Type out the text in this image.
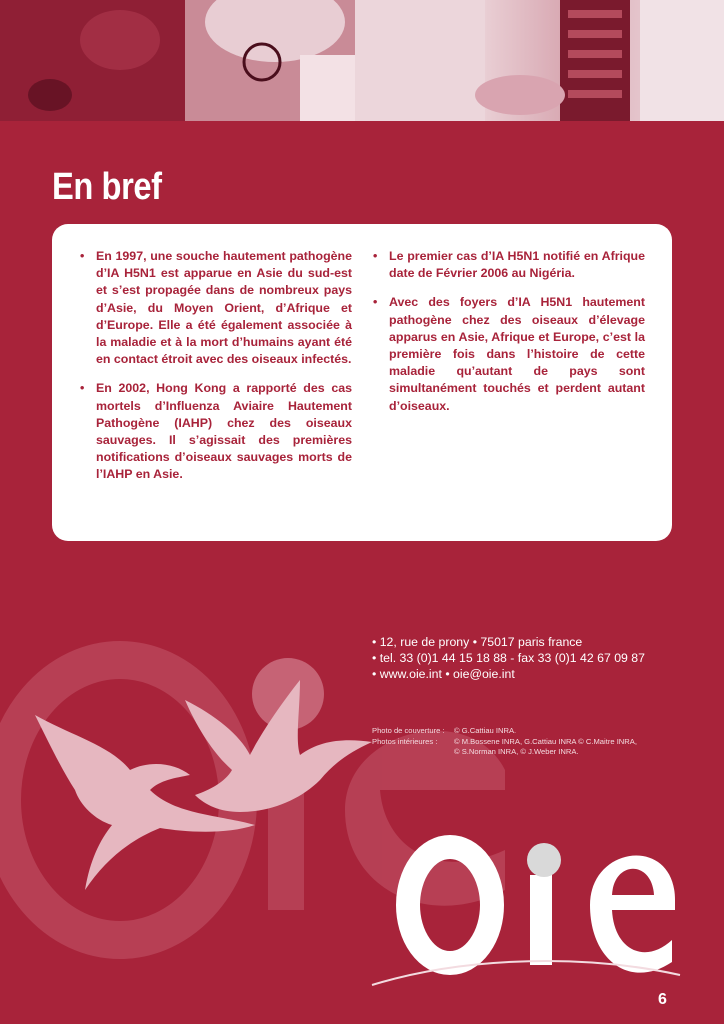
En bref
• En 1997, une souche hautement pathogène d’IA H5N1 est apparue en Asie du sud-est et s’est propagée dans de nombreux pays d’Asie, du Moyen Orient, d’Afrique et d’Europe. Elle a été également associée à la maladie et à la mort d’humains ayant été en contact étroit avec des oiseaux infectés.
• En 2002, Hong Kong a rapporté des cas mortels d’Influenza Aviaire Hautement Pathogène (IAHP) chez des oiseaux sauvages. Il s’agissait des premières notifications d’oiseaux sauvages morts de l’IAHP en Asie.
• Le premier cas d’IA H5N1 notifié en Afrique date de Février 2006 au Nigéria.
• Avec des foyers d’IA H5N1 hautement pathogène chez des oiseaux d’élevage apparus en Asie, Afrique et Europe, c’est la première fois dans l’histoire de cette maladie qu’autant de pays sont simultanément touchés et perdent autant d’oiseaux.
• 12, rue de prony • 75017 paris france
• tel. 33 (0)1 44 15 18 88 - fax 33 (0)1 42 67 09 87
• www.oie.int • oie@oie.int
Photo de couverture :	© G.Cattiau INRA.
Photos intérieures :	© M.Bossene INRA, G.Cattiau INRA © C.Maitre INRA,
© S.Norman INRA, © J.Weber INRA.
6
